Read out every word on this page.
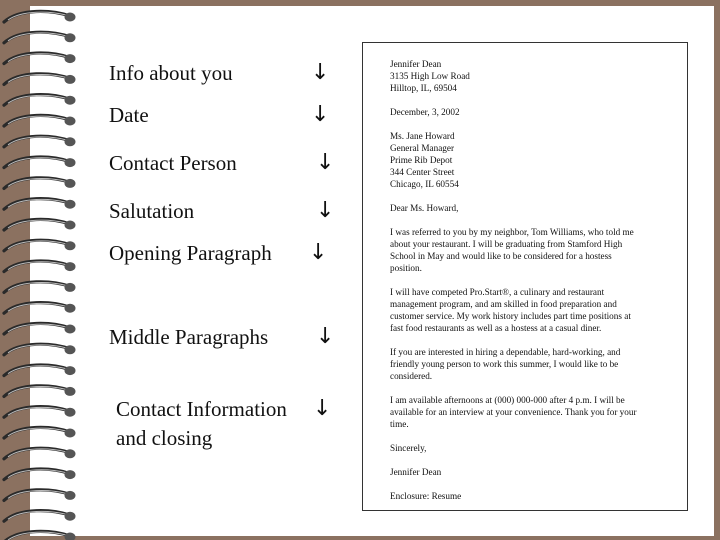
Info about you	↓
Date	↓
Contact Person	↓
Salutation	↓
Opening Paragraph ↓
Middle Paragraphs ↓
Contact Information ↓
and closing
Jennifer Dean
3135 High Low Road
Hilltop, IL, 69504
December, 3, 2002
Ms. Jane Howard
General Manager
Prime Rib Depot
344 Center Street
Chicago, IL 60554
Dear Ms. Howard,
I was referred to you by my neighbor, Tom Williams, who told me
about your restaurant. I will be graduating from Stamford High
School in May and would like to be considered for a hostess
position.
I will have competed Pro.Start®, a culinary and restaurant
management program, and am skilled in food preparation and
customer service. My work history includes part time positions at
fast food restaurants as well as a hostess at a casual diner.
If you are interested in hiring a dependable, hard-working, and
friendly young person to work this summer, I would like to be
considered.
I am available afternoons at (000) 000-000 after 4 p.m. I will be
available for an interview at your convenience. Thank you for your
time.
Sincerely,
Jennifer Dean
Enclosure: Resume
